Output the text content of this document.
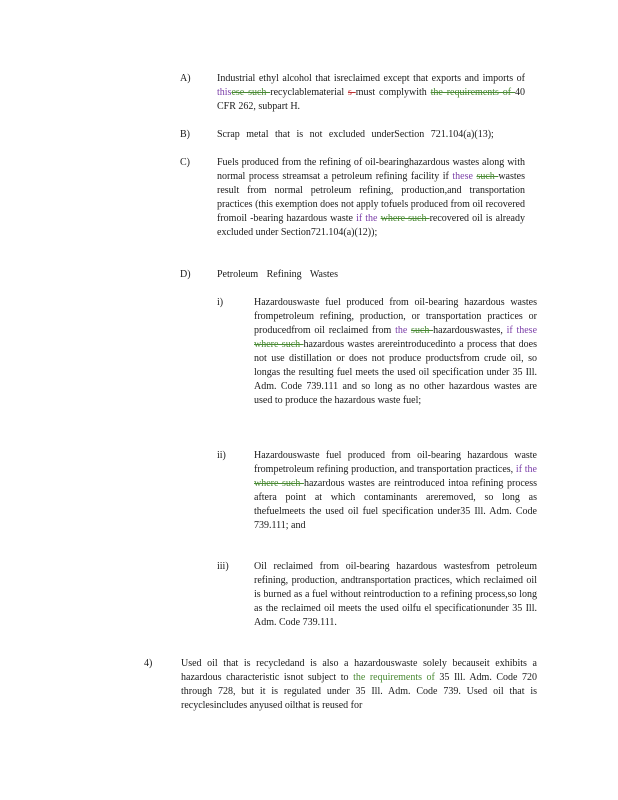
A)	Industrial ethyl alcohol that isreclaimed except that exports and imports of thisese such recyclablematerial s must complywith the requirements of 40 CFR 262, subpart H.
B)	Scrap metal that is not excluded underSection 721.104(a)(13);
C)	Fuels produced from the refining of oil-bearinghazardous wastes along with normal process streamsat a petroleum refining facility if these such wastes result from normal petroleum refining, production,and transportation practices (this exemption does not apply tofuels produced from oil recovered fromoil -bearing hazardous waste if the where such recovered oil is already excluded under Section721.104(a)(12));
D)	Petroleum Refining Wastes
i)	Hazardouswaste fuel produced from oil-bearing hazardous wastes frompetroleum refining, production, or transportation practices or producedfrom oil reclaimed from the such hazardouswastes, if these where such hazardous wastes arereintroducedinto a process that does not use distillation or does not produce productsfrom crude oil, so longas the resulting fuel meets the used oil specification under 35 Ill. Adm. Code 739.111 and so long as no other hazardous wastes are used to produce the hazardous waste fuel;
ii)	Hazardouswaste fuel produced from oil-bearing hazardous waste frompetroleum refining production, and transportation practices, if the where such hazardous wastes are reintroduced intoa refining process aftera point at which contaminants areremoved, so long as thefuelmeets the used oil fuel specification under35 Ill. Adm. Code 739.111; and
iii)	Oil reclaimed from oil-bearing hazardous wastesfrom petroleum refining, production, andtransportation practices, which reclaimed oil is burned as a fuel without reintroduction to a refining process,so long as the reclaimed oil meets the used oilfu el specificationunder 35 Ill. Adm. Code 739.111.
4)	Used oil that is recycledand is also a hazardouswaste solely becauseit exhibits a hazardous characteristic isnot subject to the requirements of 35 Ill. Adm. Code 720 through 728, but it is regulated under 35 Ill. Adm. Code 739. Used oil that is recyclesincludes anyused oilthat is reused for
